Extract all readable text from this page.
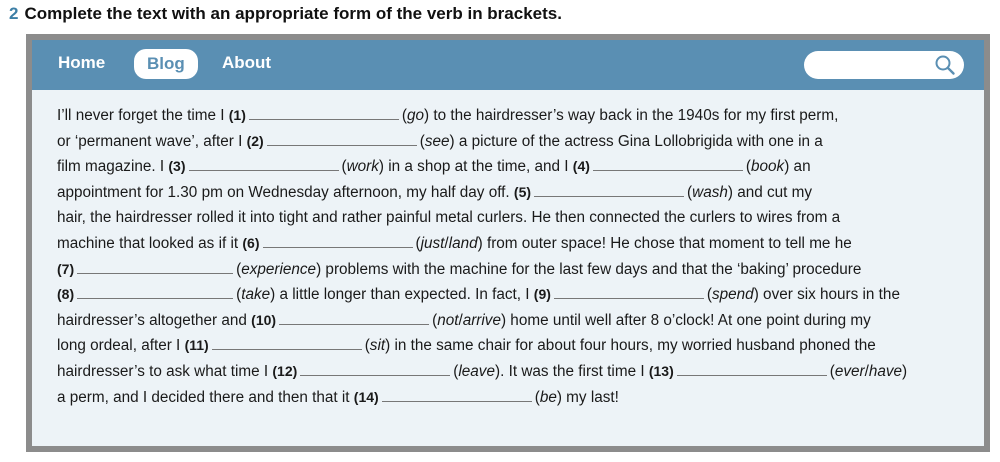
2 Complete the text with an appropriate form of the verb in brackets.
Home	Blog	About

I’ll never forget the time I (1)	(go) to the hairdresser’s way back in the 1940s for my first perm,
or ‘permanent wave’, after I (2)	(see) a picture of the actress Gina Lollobrigida with one in a
film magazine. I (3)	(work) in a shop at the time, and I (4)	(book) an
appointment for 1.30 pm on Wednesday afternoon, my half day off. (5)	(wash) and cut my
hair, the hairdresser rolled it into tight and rather painful metal curlers. He then connected the curlers to wires from a
machine that looked as if it (6)	(just/land) from outer space! He chose that moment to tell me he
(7)	(experience) problems with the machine for the last few days and that the ‘baking’ procedure
(8)	(take) a little longer than expected. In fact, I (9)	(spend) over six hours in the
hairdresser’s altogether and (10)	(not/arrive) home until well after 8 o’clock! At one point during my
long ordeal, after I (11)	(sit) in the same chair for about four hours, my worried husband phoned the
hairdresser’s to ask what time I (12)	(leave). It was the first time I (13)	(ever/have)
a perm, and I decided there and then that it (14)	(be) my last!
